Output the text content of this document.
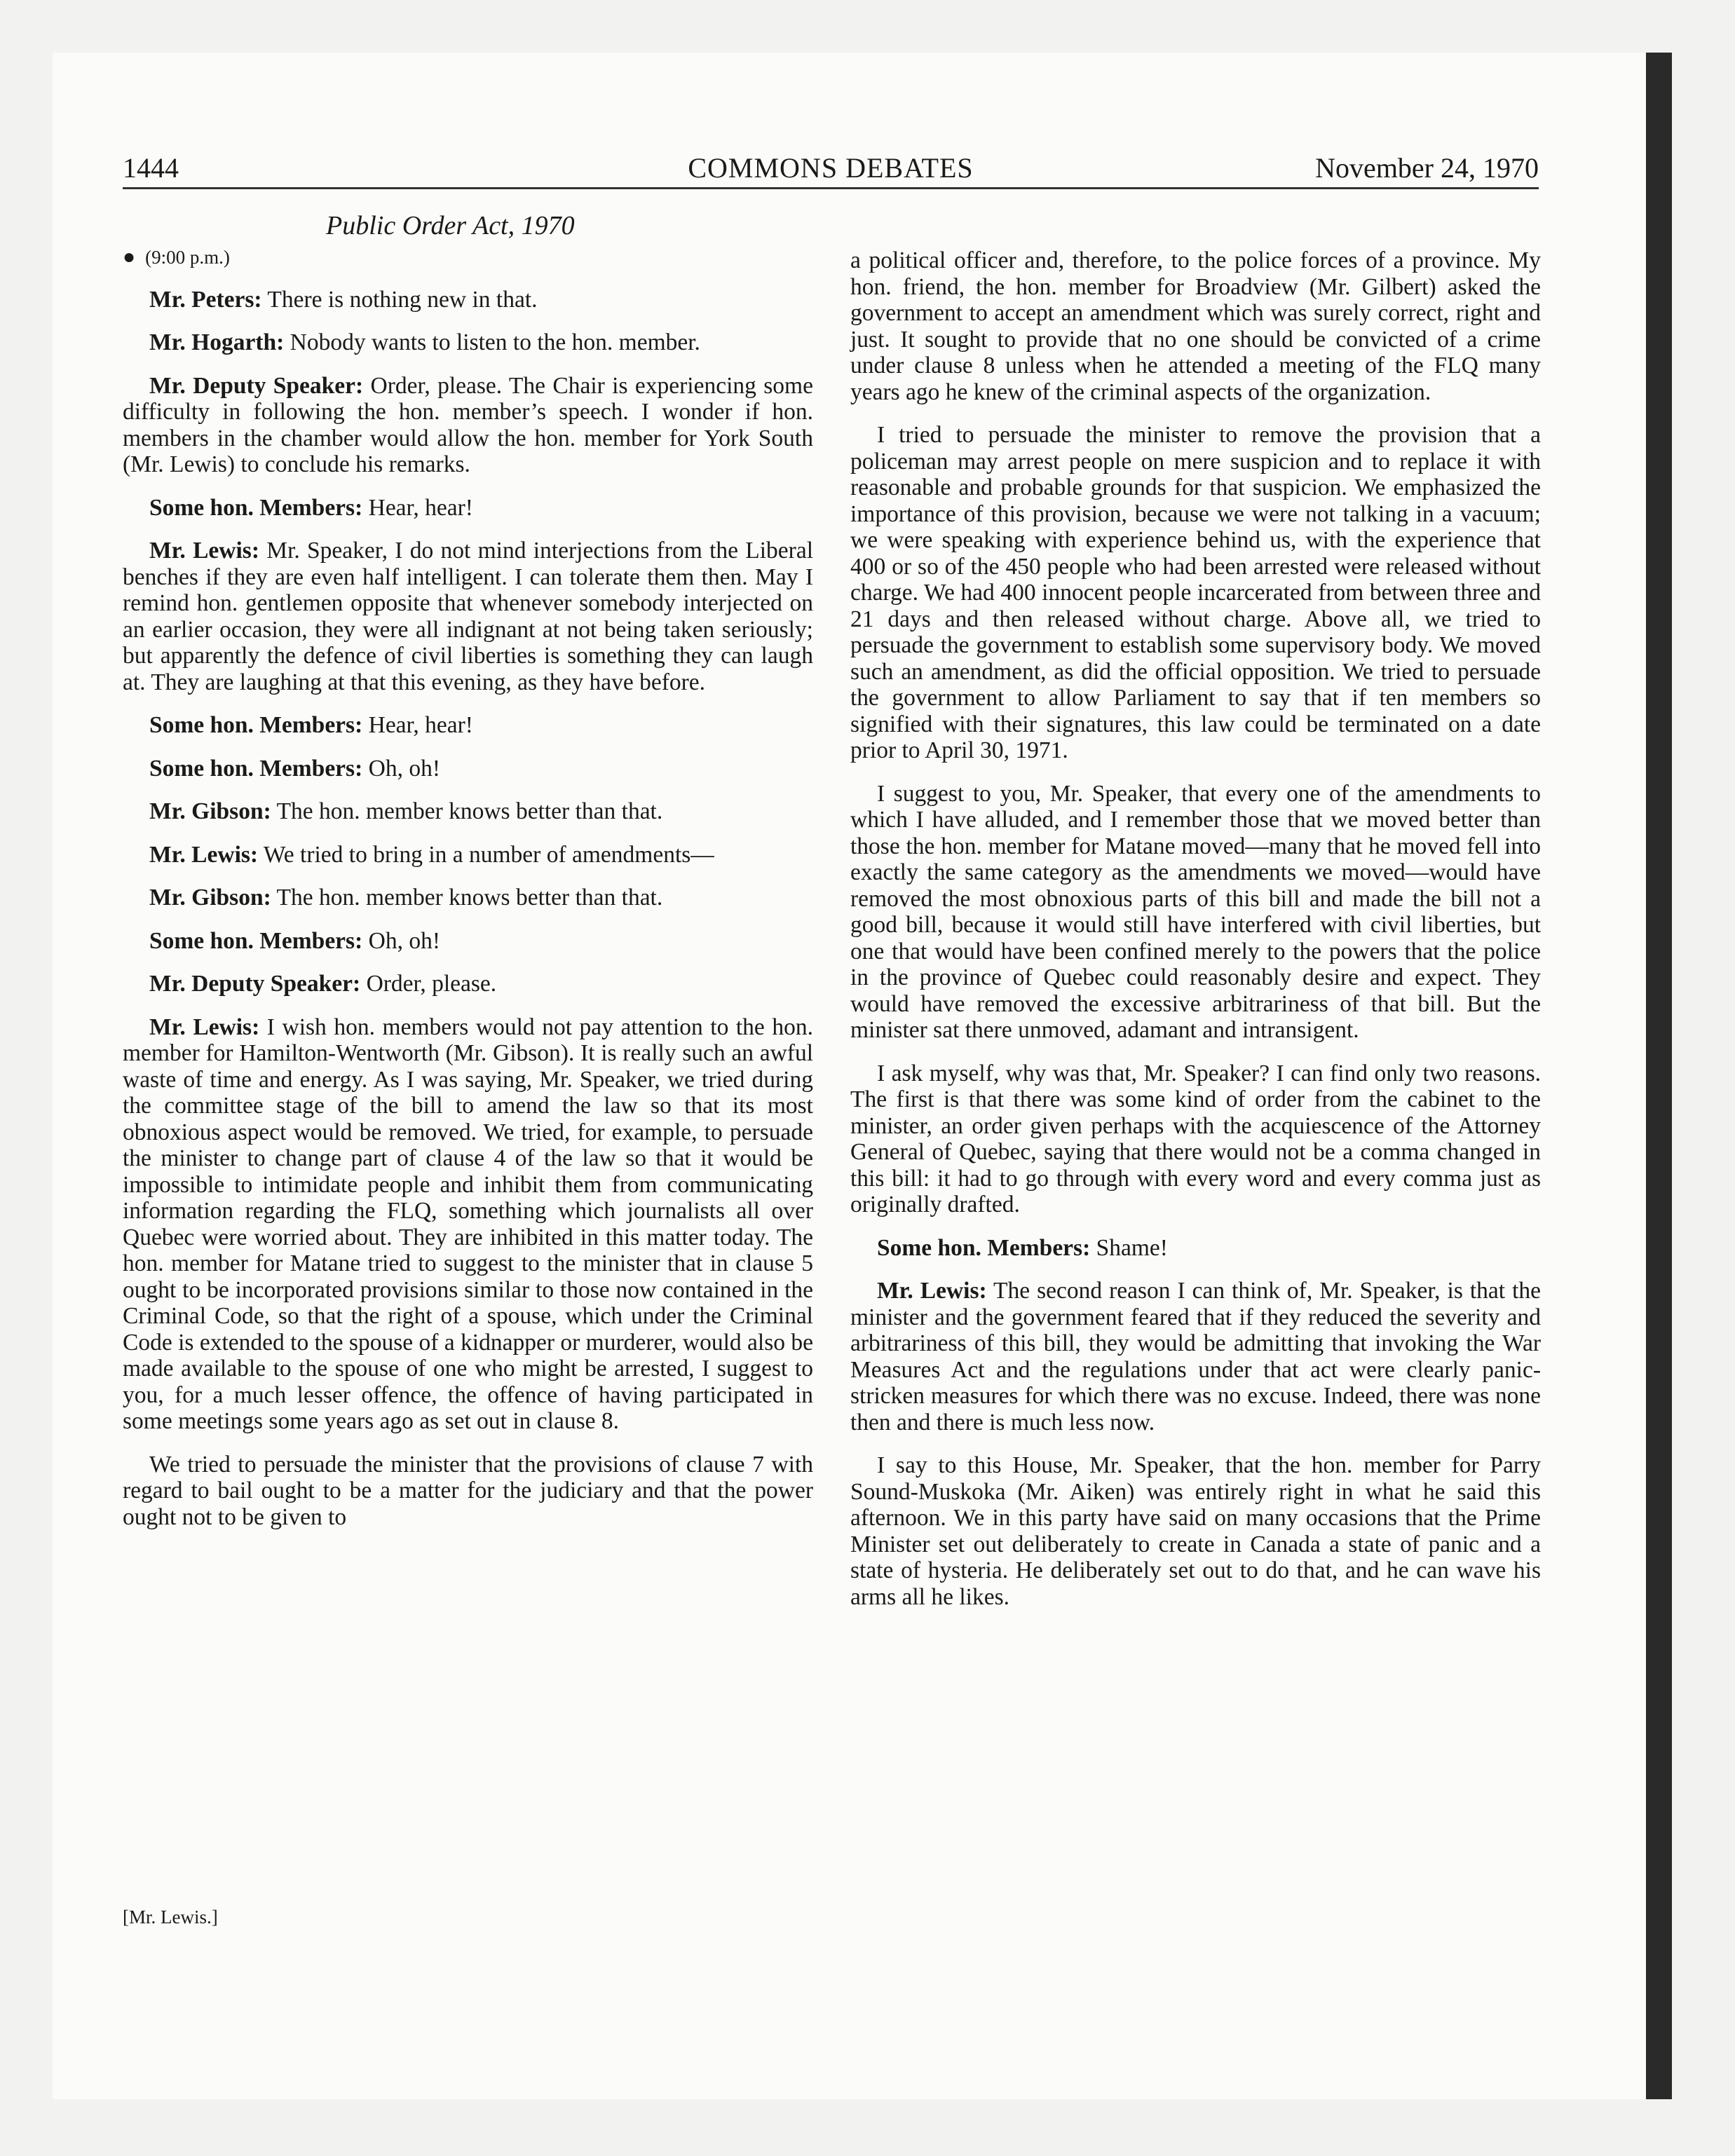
1444	COMMONS DEBATES	November 24, 1970
Public Order Act, 1970

● (9:00 p.m.)

Mr. Peters: There is nothing new in that.

Mr. Hogarth: Nobody wants to listen to the hon. member.

Mr. Deputy Speaker: Order, please. The Chair is experiencing some difficulty in following the hon. member’s speech. I wonder if hon. members in the chamber would allow the hon. member for York South (Mr. Lewis) to conclude his remarks.

Some hon. Members: Hear, hear!

Mr. Lewis: Mr. Speaker, I do not mind interjections from the Liberal benches if they are even half intelligent. I can tolerate them then. May I remind hon. gentlemen opposite that whenever somebody interjected on an earlier occasion, they were all indignant at not being taken seriously; but apparently the defence of civil liberties is something they can laugh at. They are laughing at that this evening, as they have before.

Some hon. Members: Hear, hear!

Some hon. Members: Oh, oh!

Mr. Gibson: The hon. member knows better than that.

Mr. Lewis: We tried to bring in a number of amendments—

Mr. Gibson: The hon. member knows better than that.

Some hon. Members: Oh, oh!

Mr. Deputy Speaker: Order, please.

Mr. Lewis: I wish hon. members would not pay attention to the hon. member for Hamilton-Wentworth (Mr. Gibson). It is really such an awful waste of time and energy. As I was saying, Mr. Speaker, we tried during the committee stage of the bill to amend the law so that its most obnoxious aspect would be removed. We tried, for example, to persuade the minister to change part of clause 4 of the law so that it would be impossible to intimidate people and inhibit them from communicating information regarding the FLQ, something which journalists all over Quebec were worried about. They are inhibited in this matter today. The hon. member for Matane tried to suggest to the minister that in clause 5 ought to be incorporated provisions similar to those now contained in the Criminal Code, so that the right of a spouse, which under the Criminal Code is extended to the spouse of a kidnapper or murderer, would also be made available to the spouse of one who might be arrested, I suggest to you, for a much lesser offence, the offence of having participated in some meetings some years ago as set out in clause 8.

We tried to persuade the minister that the provisions of clause 7 with regard to bail ought to be a matter for the judiciary and that the power ought not to be given to

a political officer and, therefore, to the police forces of a province. My hon. friend, the hon. member for Broadview (Mr. Gilbert) asked the government to accept an amendment which was surely correct, right and just. It sought to provide that no one should be convicted of a crime under clause 8 unless when he attended a meeting of the FLQ many years ago he knew of the criminal aspects of the organization.

I tried to persuade the minister to remove the provision that a policeman may arrest people on mere suspicion and to replace it with reasonable and probable grounds for that suspicion. We emphasized the importance of this provision, because we were not talking in a vacuum; we were speaking with experience behind us, with the experience that 400 or so of the 450 people who had been arrested were released without charge. We had 400 innocent people incarcerated from between three and 21 days and then released without charge. Above all, we tried to persuade the government to establish some supervisory body. We moved such an amendment, as did the official opposition. We tried to persuade the government to allow Parliament to say that if ten members so signified with their signatures, this law could be terminated on a date prior to April 30, 1971.

I suggest to you, Mr. Speaker, that every one of the amendments to which I have alluded, and I remember those that we moved better than those the hon. member for Matane moved—many that he moved fell into exactly the same category as the amendments we moved—would have removed the most obnoxious parts of this bill and made the bill not a good bill, because it would still have interfered with civil liberties, but one that would have been confined merely to the powers that the police in the province of Quebec could reasonably desire and expect. They would have removed the excessive arbitrariness of that bill. But the minister sat there unmoved, adamant and intransigent.

I ask myself, why was that, Mr. Speaker? I can find only two reasons. The first is that there was some kind of order from the cabinet to the minister, an order given perhaps with the acquiescence of the Attorney General of Quebec, saying that there would not be a comma changed in this bill: it had to go through with every word and every comma just as originally drafted.

Some hon. Members: Shame!

Mr. Lewis: The second reason I can think of, Mr. Speaker, is that the minister and the government feared that if they reduced the severity and arbitrariness of this bill, they would be admitting that invoking the War Measures Act and the regulations under that act were clearly panic-stricken measures for which there was no excuse. Indeed, there was none then and there is much less now.

I say to this House, Mr. Speaker, that the hon. member for Parry Sound-Muskoka (Mr. Aiken) was entirely right in what he said this afternoon. We in this party have said on many occasions that the Prime Minister set out deliberately to create in Canada a state of panic and a state of hysteria. He deliberately set out to do that, and he can wave his arms all he likes.

[Mr. Lewis.]
